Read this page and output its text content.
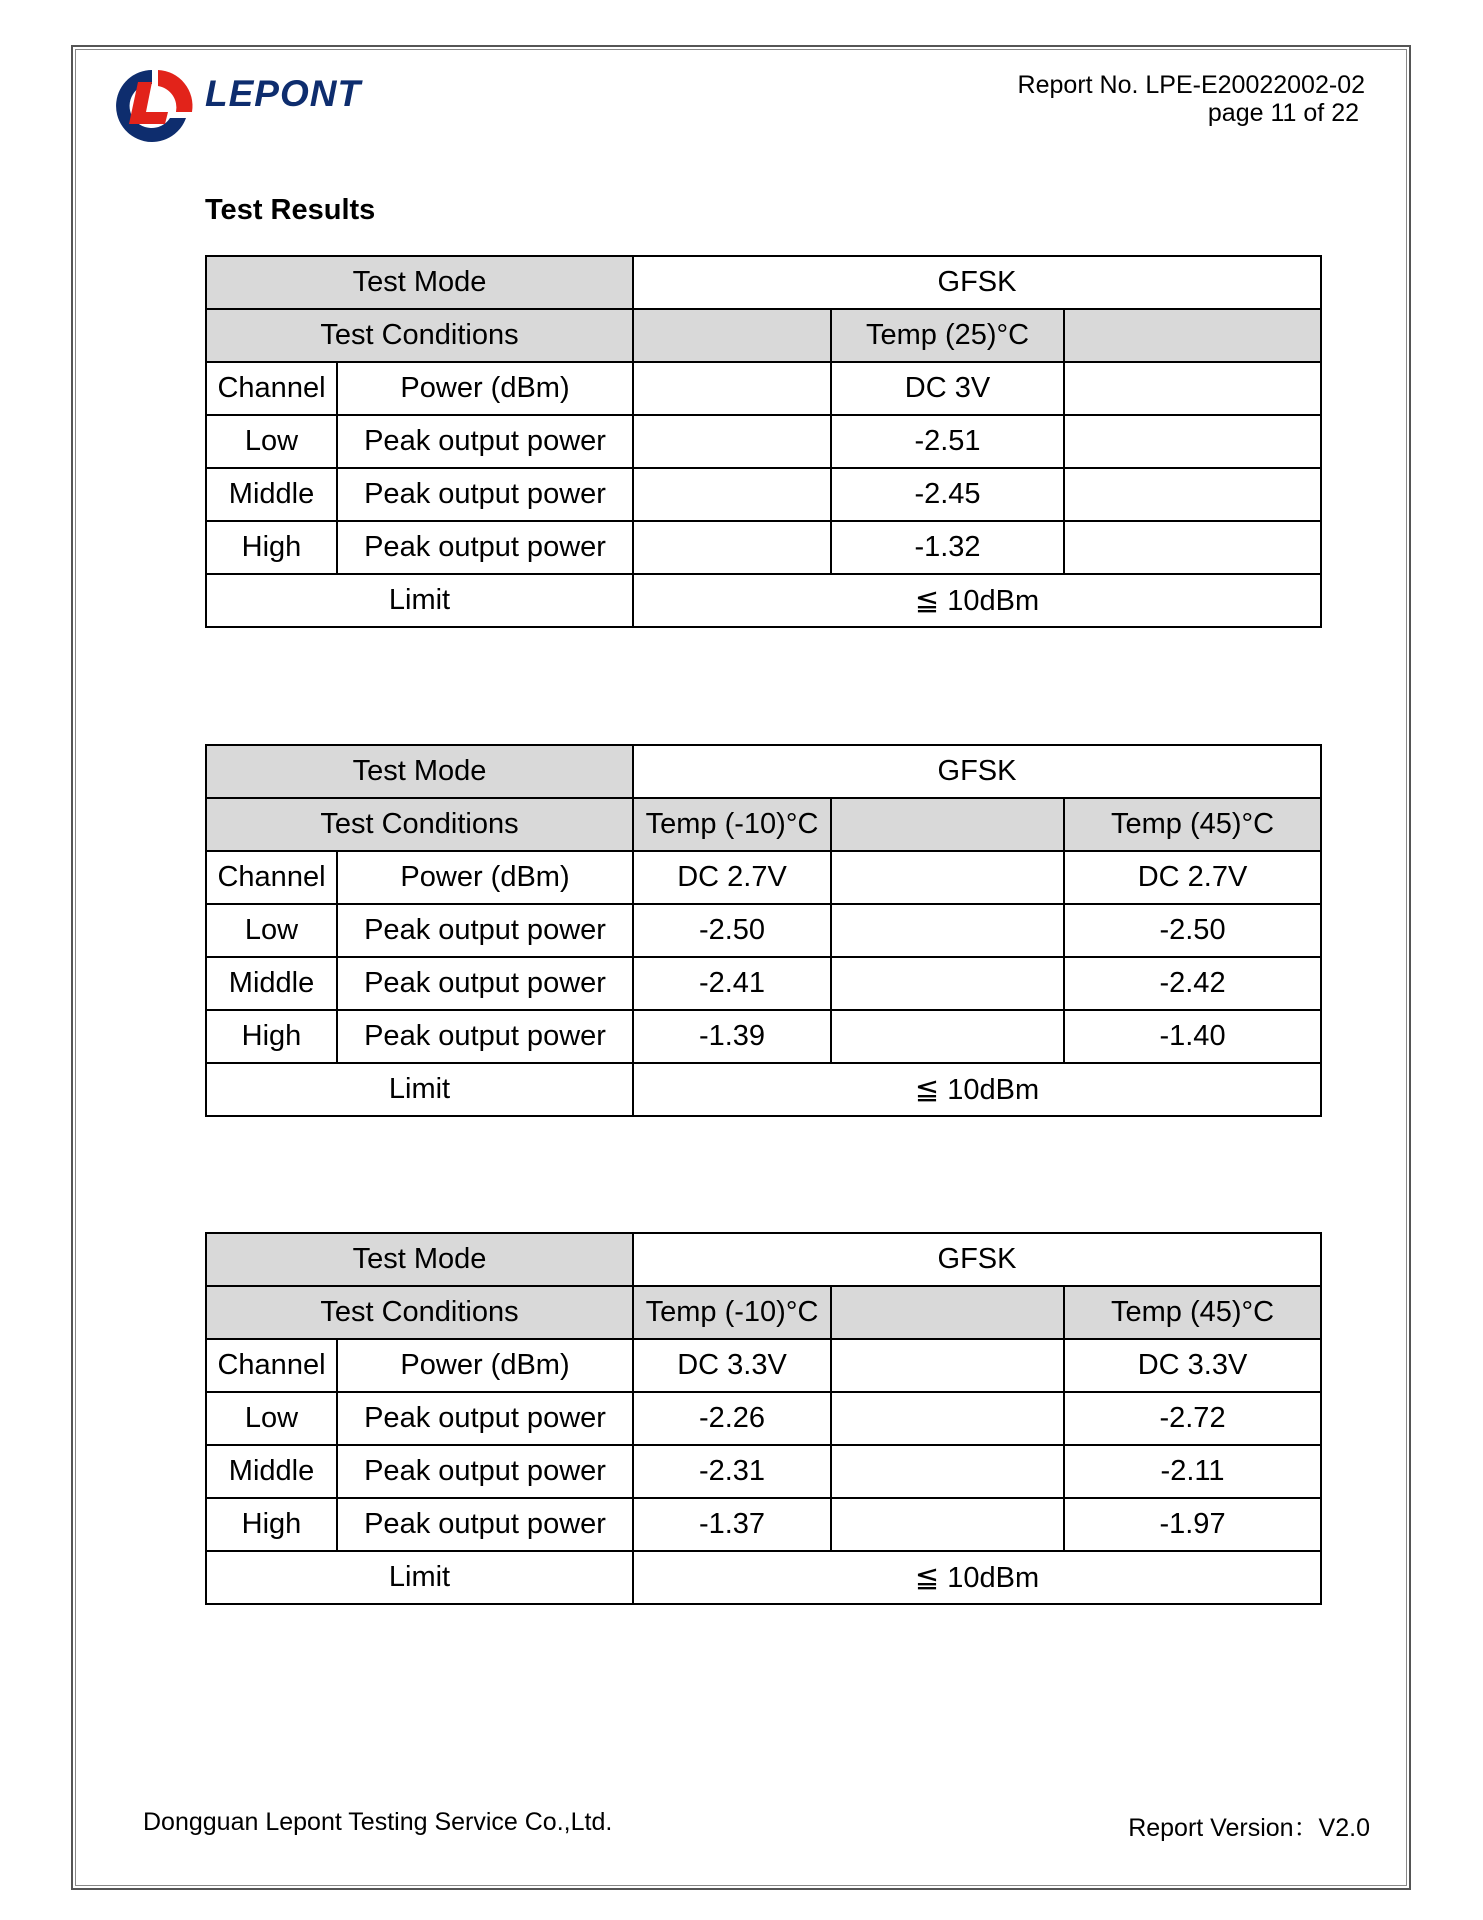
LEPONT	Report No. LPE-E20022002-02
page 11 of 22
Test Results
Test Mode		GFSK		
Test Conditions			Temp (25)°C	
Channel	Power (dBm)		DC 3V	
Low	Peak output power		-2.51	
Middle	Peak output power		-2.45	
High	Peak output power		-1.32	
Limit		≦ 10dBm		
Test Mode		GFSK		
Test Conditions		Temp (-10)°C		Temp (45)°C
Channel	Power (dBm)	DC 2.7V		DC 2.7V
Low	Peak output power	-2.50		-2.50
Middle	Peak output power	-2.41		-2.42
High	Peak output power	-1.39		-1.40
Limit		≦ 10dBm		
Test Mode		GFSK		
Test Conditions		Temp (-10)°C		Temp (45)°C
Channel	Power (dBm)	DC 3.3V		DC 3.3V
Low	Peak output power	-2.26		-2.72
Middle	Peak output power	-2.31		-2.11
High	Peak output power	-1.37		-1.97
Limit		≦ 10dBm		
Dongguan Lepont Testing Service Co.,Ltd.	Report Version：V2.0
